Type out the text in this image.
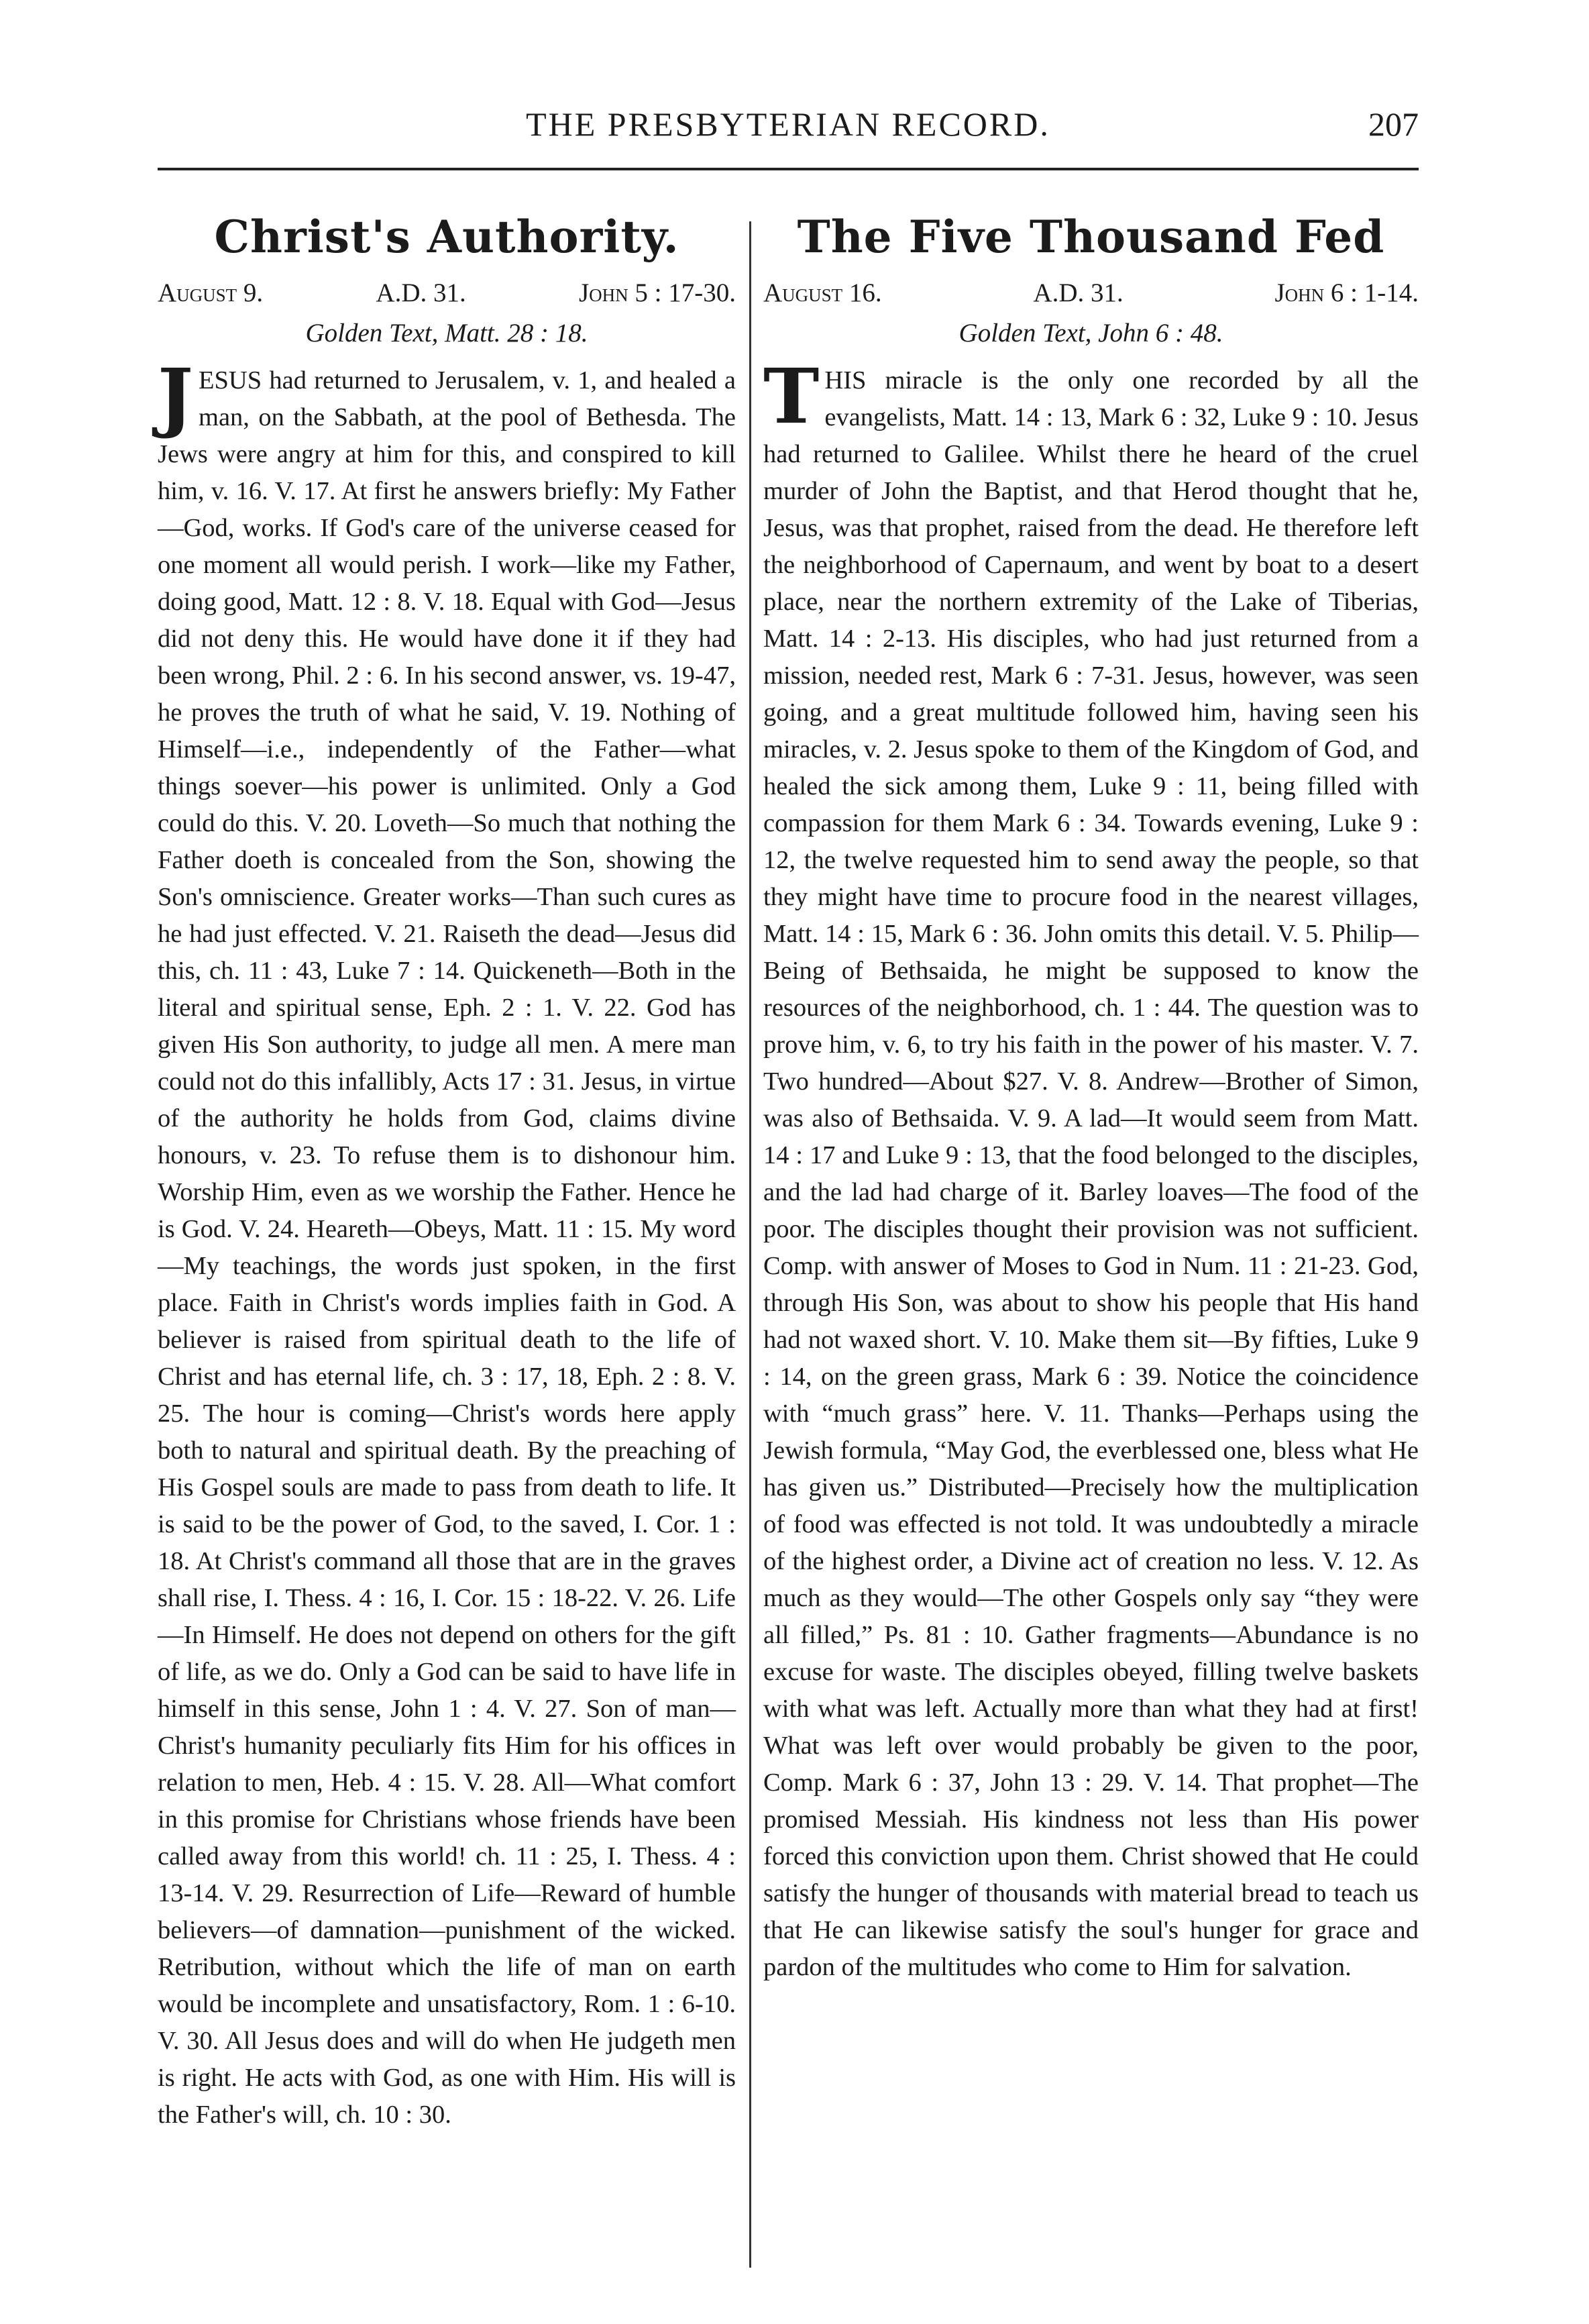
THE PRESBYTERIAN RECORD.	207
Christ's Authority.
August 9.	A.D. 31.	John 5 : 17-30.
Golden Text, Matt. 28 : 18.
JESUS had returned to Jerusalem, v. 1, and healed a man, on the Sabbath, at the pool of Bethesda. The Jews were angry at him for this, and conspired to kill him, v. 16. V. 17. At first he answers briefly: My Father—God, works. If God's care of the universe ceased for one moment all would perish. I work—like my Father, doing good, Matt. 12 : 8. V. 18. Equal with God—Jesus did not deny this. He would have done it if they had been wrong, Phil. 2 : 6. In his second answer, vs. 19-47, he proves the truth of what he said, V. 19. Nothing of Himself—i.e., independently of the Father—what things soever—his power is unlimited. Only a God could do this. V. 20. Loveth—So much that nothing the Father doeth is concealed from the Son, showing the Son's omniscience. Greater works—Than such cures as he had just effected. V. 21. Raiseth the dead—Jesus did this, ch. 11 : 43, Luke 7 : 14. Quickeneth—Both in the literal and spiritual sense, Eph. 2 : 1. V. 22. God has given His Son authority, to judge all men. A mere man could not do this infallibly, Acts 17 : 31. Jesus, in virtue of the authority he holds from God, claims divine honours, v. 23. To refuse them is to dishonour him. Worship Him, even as we worship the Father. Hence he is God. V. 24. Heareth—Obeys, Matt. 11 : 15. My word—My teachings, the words just spoken, in the first place. Faith in Christ's words implies faith in God. A believer is raised from spiritual death to the life of Christ and has eternal life, ch. 3 : 17, 18, Eph. 2 : 8. V. 25. The hour is coming—Christ's words here apply both to natural and spiritual death. By the preaching of His Gospel souls are made to pass from death to life. It is said to be the power of God, to the saved, I. Cor. 1 : 18. At Christ's command all those that are in the graves shall rise, I. Thess. 4 : 16, I. Cor. 15 : 18-22. V. 26. Life—In Himself. He does not depend on others for the gift of life, as we do. Only a God can be said to have life in himself in this sense, John 1 : 4. V. 27. Son of man—Christ's humanity peculiarly fits Him for his offices in relation to men, Heb. 4 : 15. V. 28. All—What comfort in this promise for Christians whose friends have been called away from this world! ch. 11 : 25, I. Thess. 4 : 13-14. V. 29. Resurrection of Life—Reward of humble believers—of damnation—punishment of the wicked. Retribution, without which the life of man on earth would be incomplete and unsatisfactory, Rom. 1 : 6-10. V. 30. All Jesus does and will do when He judgeth men is right. He acts with God, as one with Him. His will is the Father's will, ch. 10 : 30.
The Five Thousand Fed
August 16.	A.D. 31.	John 6 : 1-14.
Golden Text, John 6 : 48.
THIS miracle is the only one recorded by all the evangelists, Matt. 14 : 13, Mark 6 : 32, Luke 9 : 10. Jesus had returned to Galilee. Whilst there he heard of the cruel murder of John the Baptist, and that Herod thought that he, Jesus, was that prophet, raised from the dead. He therefore left the neighborhood of Capernaum, and went by boat to a desert place, near the northern extremity of the Lake of Tiberias, Matt. 14 : 2-13. His disciples, who had just returned from a mission, needed rest, Mark 6 : 7-31. Jesus, however, was seen going, and a great multitude followed him, having seen his miracles, v. 2. Jesus spoke to them of the Kingdom of God, and healed the sick among them, Luke 9 : 11, being filled with compassion for them Mark 6 : 34. Towards evening, Luke 9 : 12, the twelve requested him to send away the people, so that they might have time to procure food in the nearest villages, Matt. 14 : 15, Mark 6 : 36. John omits this detail. V. 5. Philip—Being of Bethsaida, he might be supposed to know the resources of the neighborhood, ch. 1 : 44. The question was to prove him, v. 6, to try his faith in the power of his master. V. 7. Two hundred—About $27. V. 8. Andrew—Brother of Simon, was also of Bethsaida. V. 9. A lad—It would seem from Matt. 14 : 17 and Luke 9 : 13, that the food belonged to the disciples, and the lad had charge of it. Barley loaves—The food of the poor. The disciples thought their provision was not sufficient. Comp. with answer of Moses to God in Num. 11 : 21-23. God, through His Son, was about to show his people that His hand had not waxed short. V. 10. Make them sit—By fifties, Luke 9 : 14, on the green grass, Mark 6 : 39. Notice the coincidence with “much grass” here. V. 11. Thanks—Perhaps using the Jewish formula, “May God, the everblessed one, bless what He has given us.” Distributed—Precisely how the multiplication of food was effected is not told. It was undoubtedly a miracle of the highest order, a Divine act of creation no less. V. 12. As much as they would—The other Gospels only say “they were all filled,” Ps. 81 : 10. Gather fragments—Abundance is no excuse for waste. The disciples obeyed, filling twelve baskets with what was left. Actually more than what they had at first! What was left over would probably be given to the poor, Comp. Mark 6 : 37, John 13 : 29. V. 14. That prophet—The promised Messiah. His kindness not less than His power forced this conviction upon them. Christ showed that He could satisfy the hunger of thousands with material bread to teach us that He can likewise satisfy the soul's hunger for grace and pardon of the multitudes who come to Him for salvation.
